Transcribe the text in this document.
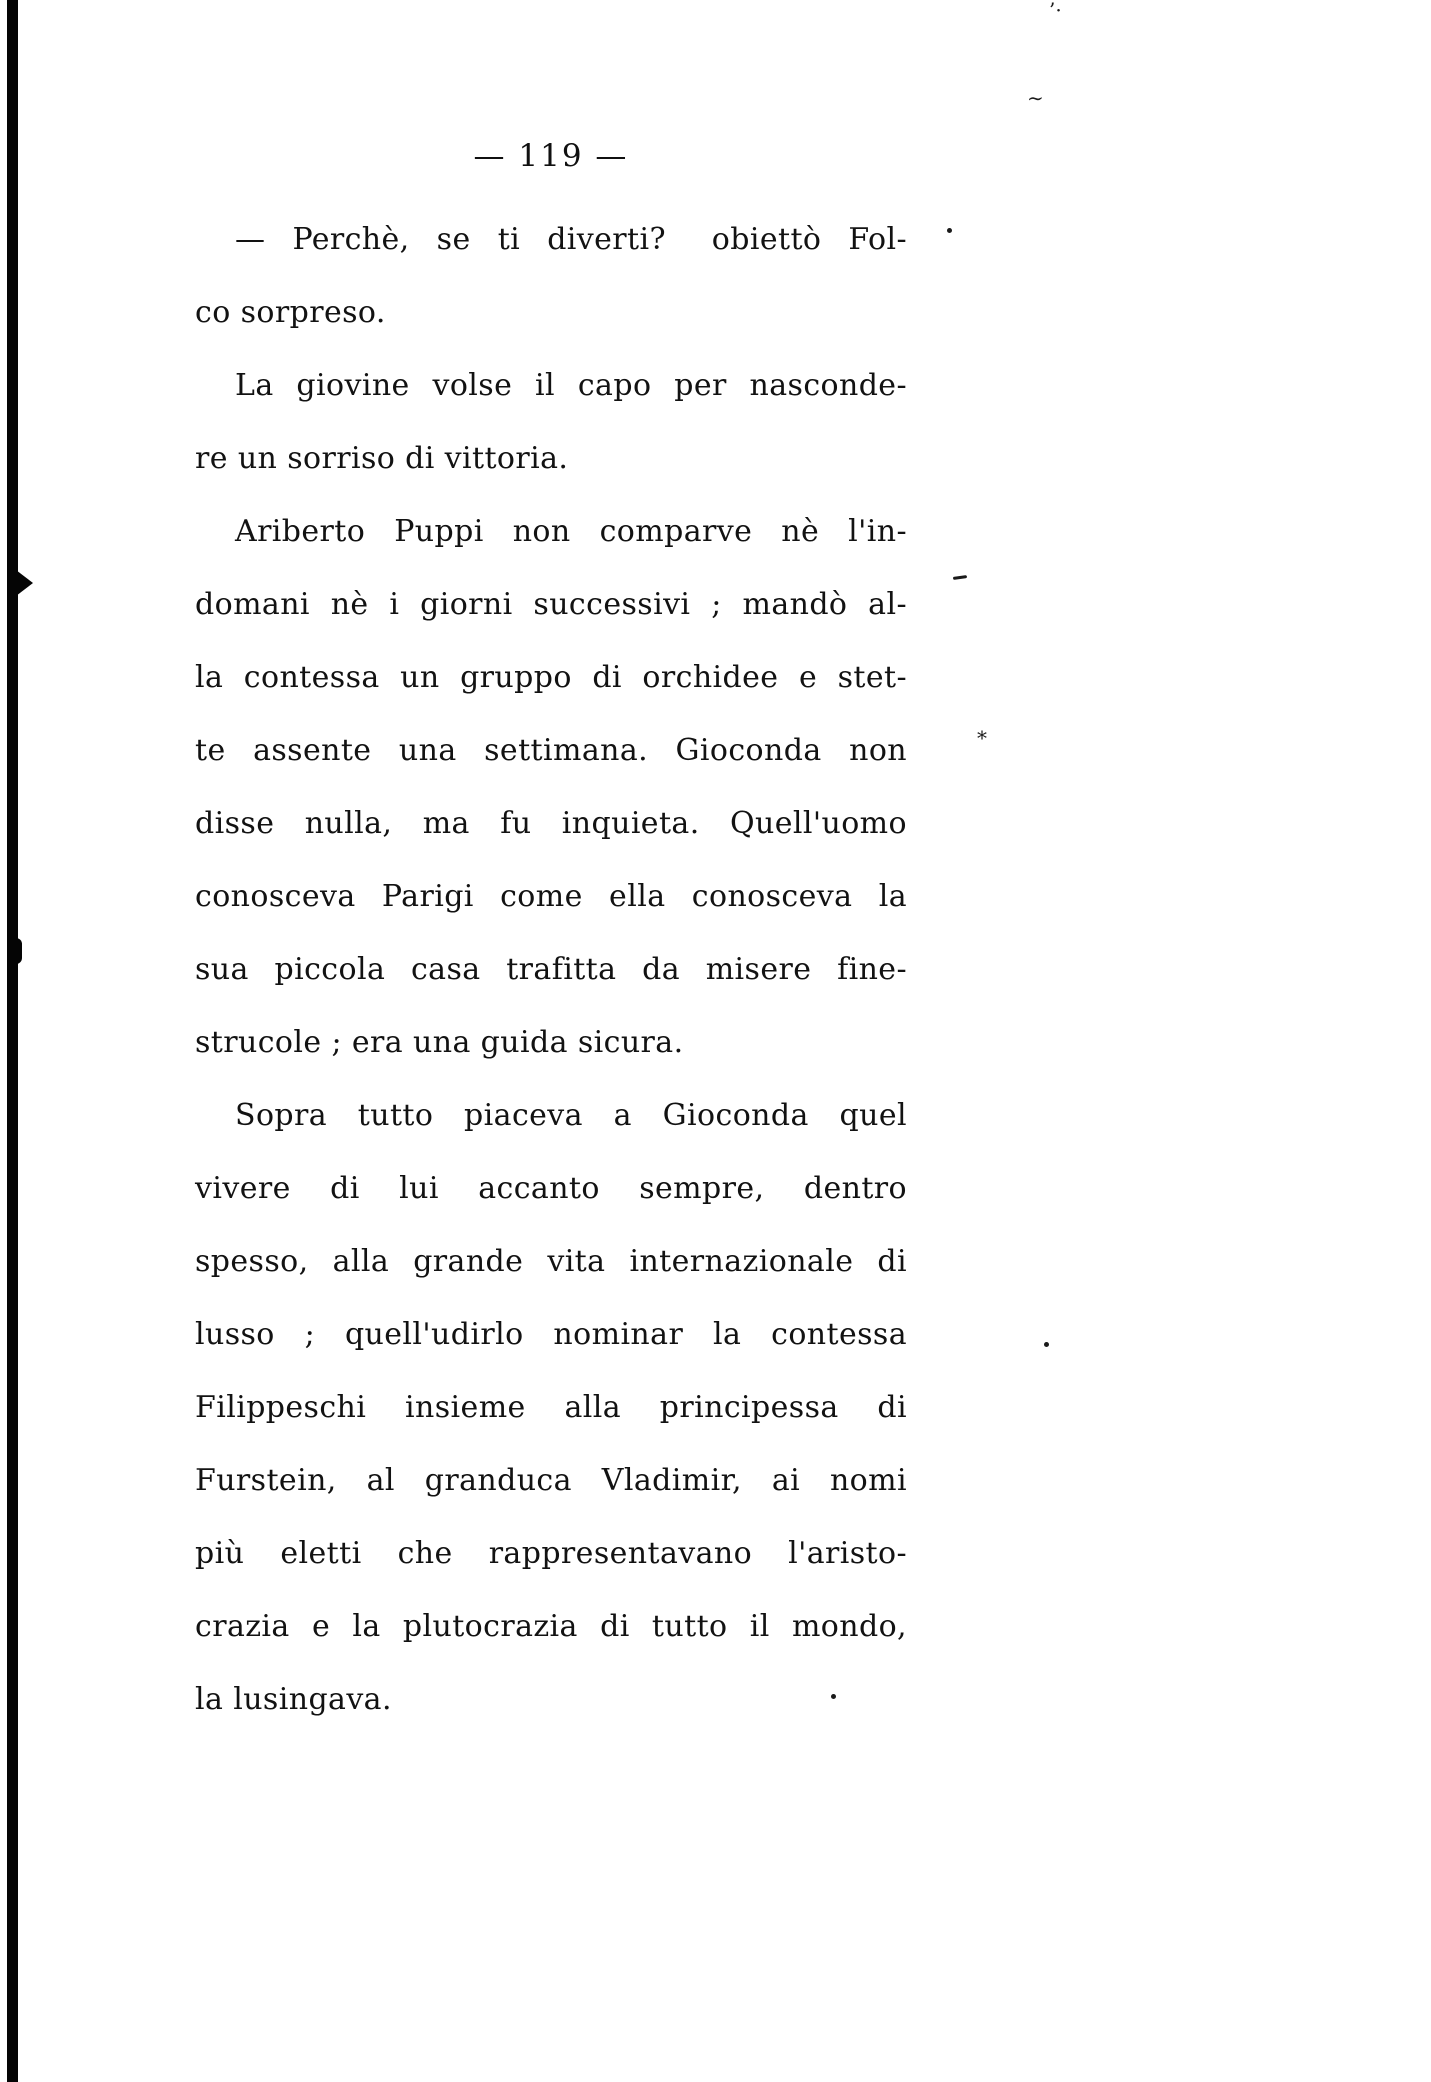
— 119 —
— Perchè, se ti diverti?  obiettò Fol-
co sorpreso.
La giovine volse il capo per nasconde-
re un sorriso di vittoria.
Ariberto Puppi non comparve nè l'in-
domani nè i giorni successivi ; mandò al-
la contessa un gruppo di orchidee e stet-
te assente una settimana. Gioconda non
disse nulla, ma fu inquieta. Quell'uomo
conosceva Parigi come ella conosceva la
sua piccola casa trafitta da misere fine-
strucole ; era una guida sicura.
Sopra tutto piaceva a Gioconda quel
vivere di lui accanto sempre, dentro
spesso, alla grande vita internazionale di
lusso ; quell'udirlo nominar la contessa
Filippeschi insieme alla principessa di
Furstein, al granduca Vladimir, ai nomi
più eletti che rappresentavano l'aristo-
crazia e la plutocrazia di tutto il mondo,
la lusingava.
’·
∼
*
